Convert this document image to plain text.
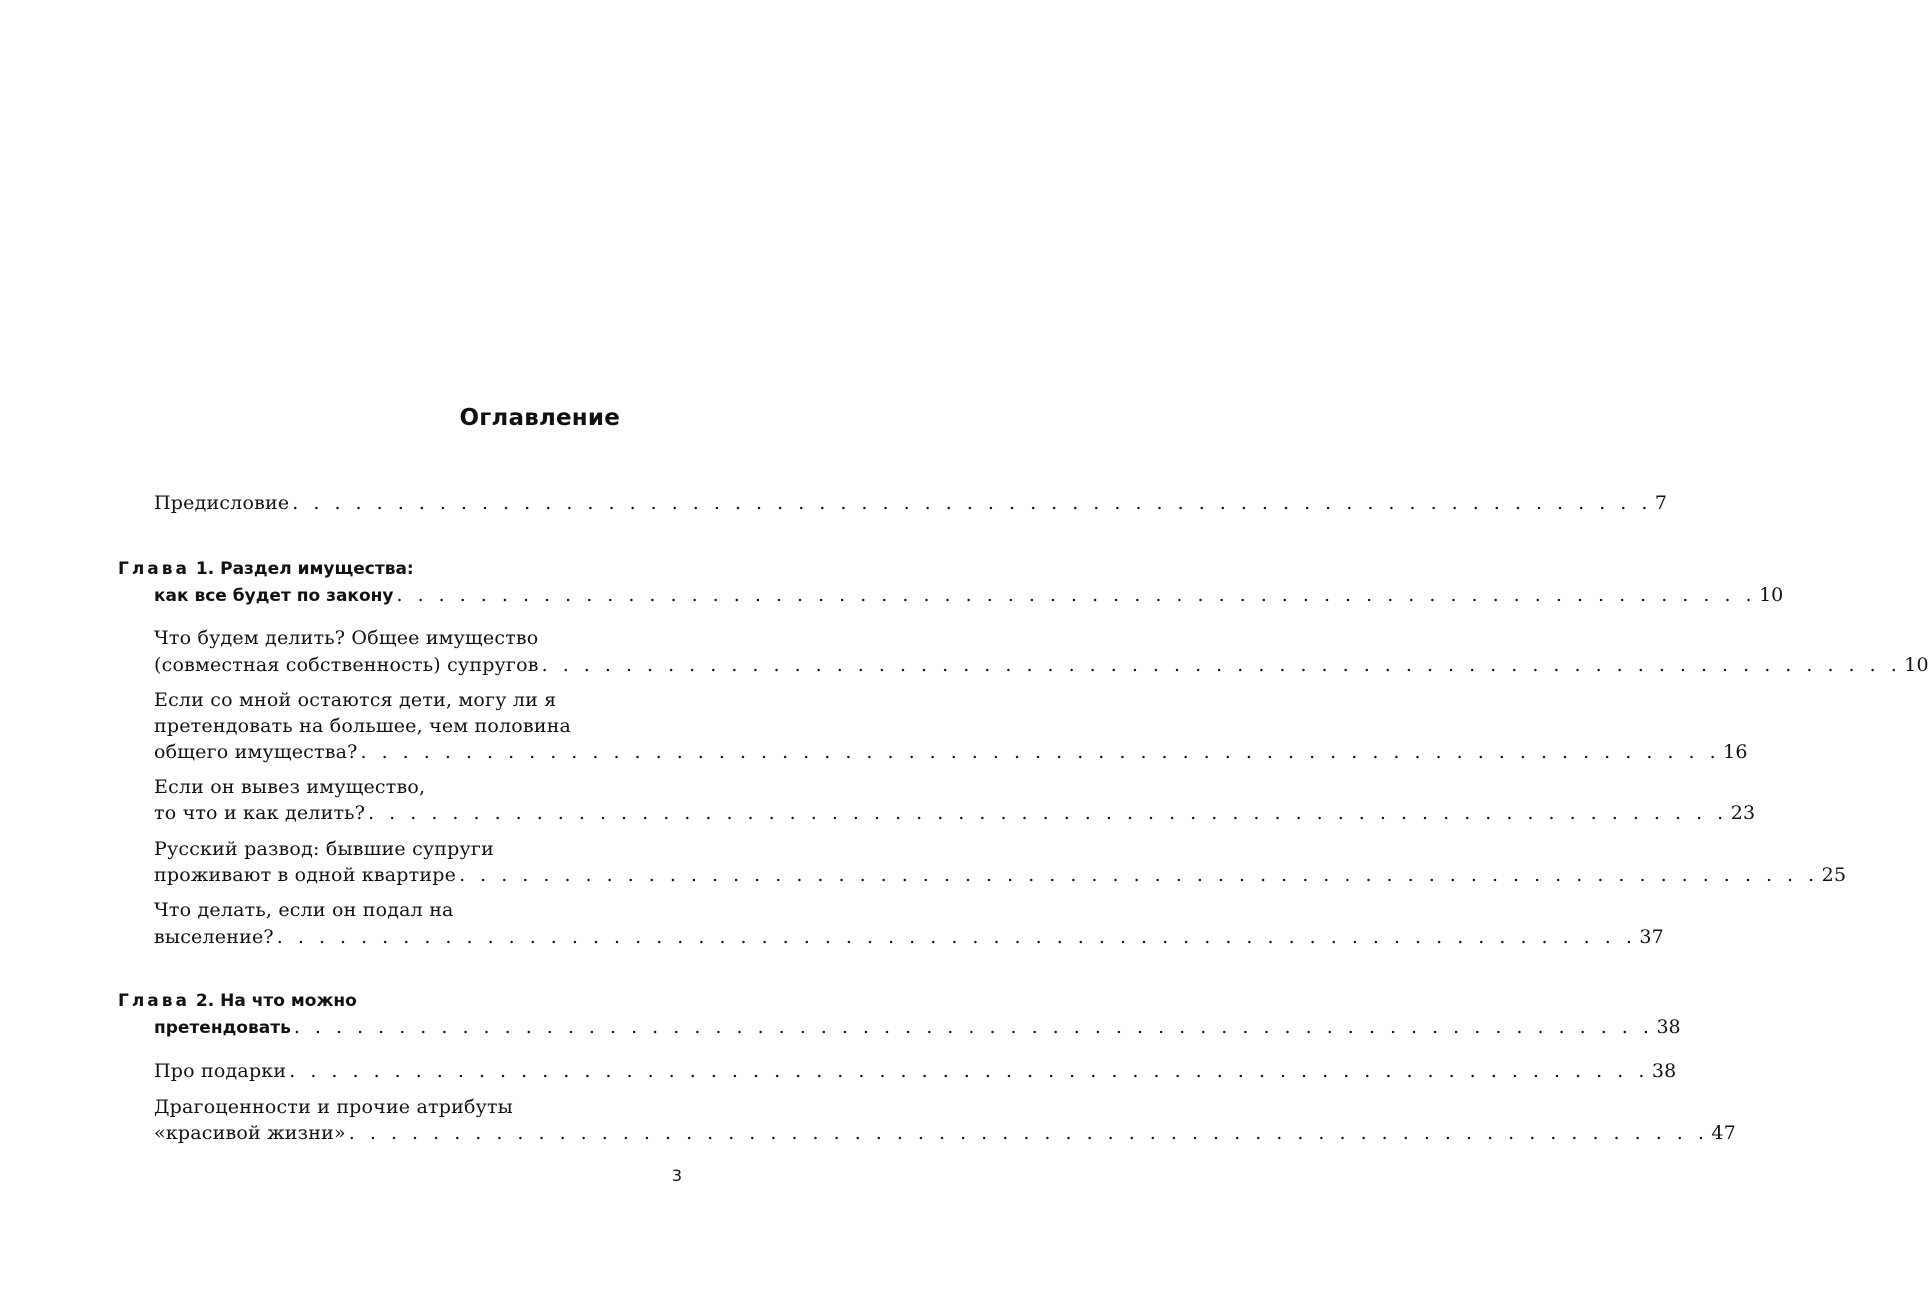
Оглавление
Предисловие . . . . . . . . . . . . . . . . . . . . . . . . . . . . . . . . . . . . . . . . . . . . . . . . . . . . . . . . . . . . . . . . . 7
Глава 1. Раздел имущества:
как все будет по закону . . . . . . . . . . . . . . . . . . . . . . . . . . . . . . . . . . . . . . . . . . . . . . . . . . . . . . . . . . . . . . . . . 10
Что будем делить? Общее имущество
(совместная собственность) супругов . . . . . . . . . . . . . . . . . . . . . . . . . . . . . . . . . . . . . . . . . . . . . . . . . . . . . . . . . . . . . . . . . 10
Если со мной остаются дети, могу ли я
претендовать на большее, чем половина
общего имущества? . . . . . . . . . . . . . . . . . . . . . . . . . . . . . . . . . . . . . . . . . . . . . . . . . . . . . . . . . . . . . . . . . 16
Если он вывез имущество,
то что и как делить? . . . . . . . . . . . . . . . . . . . . . . . . . . . . . . . . . . . . . . . . . . . . . . . . . . . . . . . . . . . . . . . . . 23
Русский развод: бывшие супруги
проживают в одной квартире . . . . . . . . . . . . . . . . . . . . . . . . . . . . . . . . . . . . . . . . . . . . . . . . . . . . . . . . . . . . . . . . . 25
Что делать, если он подал на
выселение? . . . . . . . . . . . . . . . . . . . . . . . . . . . . . . . . . . . . . . . . . . . . . . . . . . . . . . . . . . . . . . . . . 37
Глава 2. На что можно
претендовать . . . . . . . . . . . . . . . . . . . . . . . . . . . . . . . . . . . . . . . . . . . . . . . . . . . . . . . . . . . . . . . . . 38
Про подарки . . . . . . . . . . . . . . . . . . . . . . . . . . . . . . . . . . . . . . . . . . . . . . . . . . . . . . . . . . . . . . . . . 38
Драгоценности и прочие атрибуты
«красивой жизни» . . . . . . . . . . . . . . . . . . . . . . . . . . . . . . . . . . . . . . . . . . . . . . . . . . . . . . . . . . . . . . . . . 47
3
